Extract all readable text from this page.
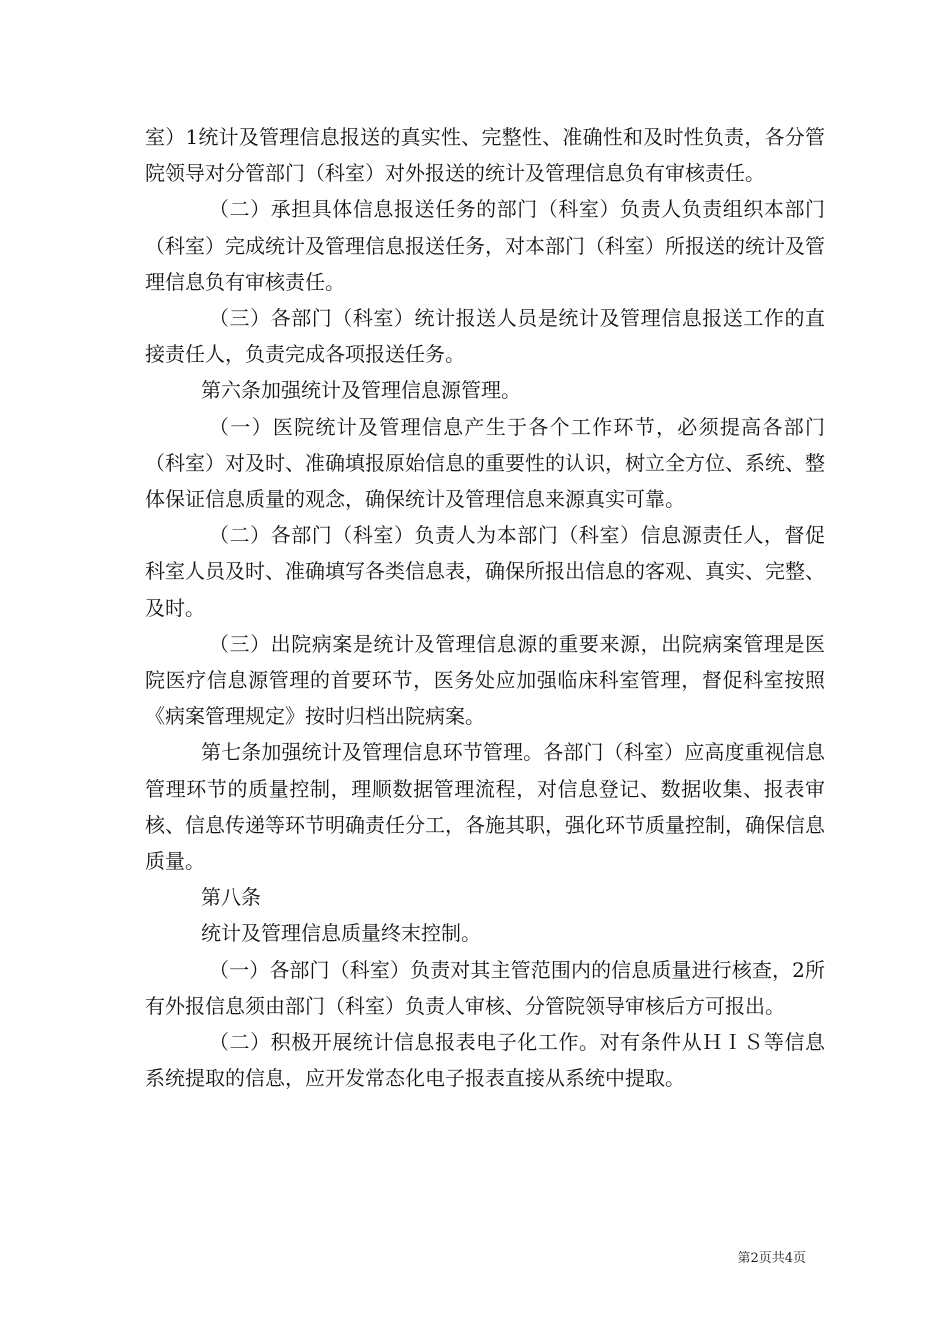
室）1统计及管理信息报送的真实性、完整性、准确性和及时性负责，各分管院领导对分管部门（科室）对外报送的统计及管理信息负有审核责任。

（二）承担具体信息报送任务的部门（科室）负责人负责组织本部门（科室）完成统计及管理信息报送任务，对本部门（科室）所报送的统计及管理信息负有审核责任。

（三）各部门（科室）统计报送人员是统计及管理信息报送工作的直接责任人，负责完成各项报送任务。

第六条加强统计及管理信息源管理。

（一）医院统计及管理信息产生于各个工作环节，必须提高各部门（科室）对及时、准确填报原始信息的重要性的认识，树立全方位、系统、整体保证信息质量的观念，确保统计及管理信息来源真实可靠。

（二）各部门（科室）负责人为本部门（科室）信息源责任人，督促科室人员及时、准确填写各类信息表，确保所报出信息的客观、真实、完整、及时。

（三）出院病案是统计及管理信息源的重要来源，出院病案管理是医院医疗信息源管理的首要环节，医务处应加强临床科室管理，督促科室按照《病案管理规定》按时归档出院病案。

第七条加强统计及管理信息环节管理。各部门（科室）应高度重视信息管理环节的质量控制，理顺数据管理流程，对信息登记、数据收集、报表审核、信息传递等环节明确责任分工，各施其职，强化环节质量控制，确保信息质量。

第八条

统计及管理信息质量终末控制。

（一）各部门（科室）负责对其主管范围内的信息质量进行核查，2所有外报信息须由部门（科室）负责人审核、分管院领导审核后方可报出。

（二）积极开展统计信息报表电子化工作。对有条件从ＨＩＳ等信息系统提取的信息，应开发常态化电子报表直接从系统中提取。

第2页共4页
